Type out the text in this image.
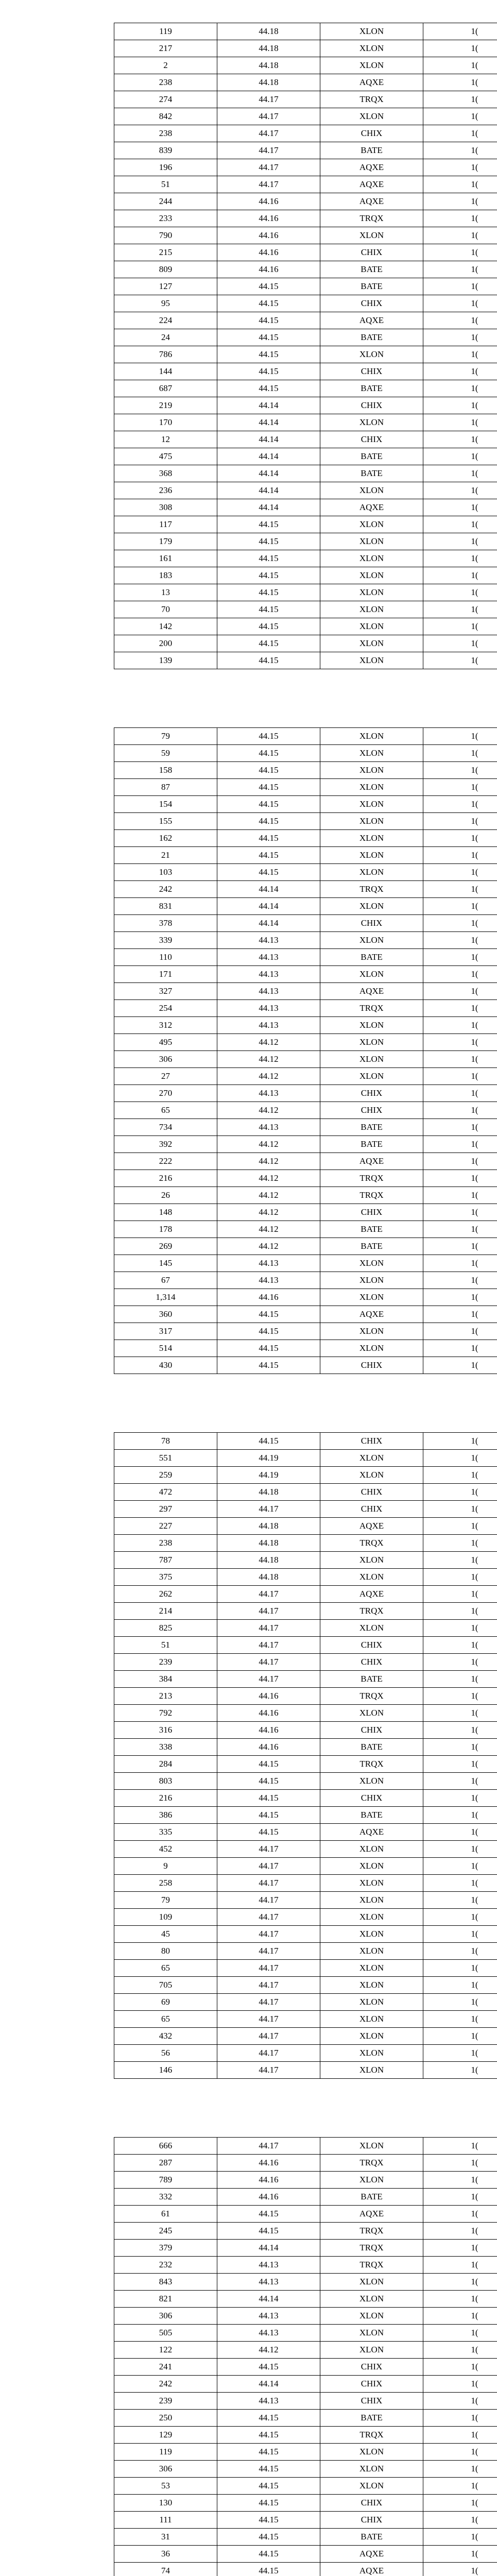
119	44.18	XLON	1(
217	44.18	XLON	1(
2	44.18	XLON	1(
238	44.18	AQXE	1(
274	44.17	TRQX	1(
842	44.17	XLON	1(
238	44.17	CHIX	1(
839	44.17	BATE	1(
196	44.17	AQXE	1(
51	44.17	AQXE	1(
244	44.16	AQXE	1(
233	44.16	TRQX	1(
790	44.16	XLON	1(
215	44.16	CHIX	1(
809	44.16	BATE	1(
127	44.15	BATE	1(
95	44.15	CHIX	1(
224	44.15	AQXE	1(
24	44.15	BATE	1(
786	44.15	XLON	1(
144	44.15	CHIX	1(
687	44.15	BATE	1(
219	44.14	CHIX	1(
170	44.14	XLON	1(
12	44.14	CHIX	1(
475	44.14	BATE	1(
368	44.14	BATE	1(
236	44.14	XLON	1(
308	44.14	AQXE	1(
117	44.15	XLON	1(
179	44.15	XLON	1(
161	44.15	XLON	1(
183	44.15	XLON	1(
13	44.15	XLON	1(
70	44.15	XLON	1(
142	44.15	XLON	1(
200	44.15	XLON	1(
139	44.15	XLON	1(
79	44.15	XLON	1(
59	44.15	XLON	1(
158	44.15	XLON	1(
87	44.15	XLON	1(
154	44.15	XLON	1(
155	44.15	XLON	1(
162	44.15	XLON	1(
21	44.15	XLON	1(
103	44.15	XLON	1(
242	44.14	TRQX	1(
831	44.14	XLON	1(
378	44.14	CHIX	1(
339	44.13	XLON	1(
110	44.13	BATE	1(
171	44.13	XLON	1(
327	44.13	AQXE	1(
254	44.13	TRQX	1(
312	44.13	XLON	1(
495	44.12	XLON	1(
306	44.12	XLON	1(
27	44.12	XLON	1(
270	44.13	CHIX	1(
65	44.12	CHIX	1(
734	44.13	BATE	1(
392	44.12	BATE	1(
222	44.12	AQXE	1(
216	44.12	TRQX	1(
26	44.12	TRQX	1(
148	44.12	CHIX	1(
178	44.12	BATE	1(
269	44.12	BATE	1(
145	44.13	XLON	1(
67	44.13	XLON	1(
1,314	44.16	XLON	1(
360	44.15	AQXE	1(
317	44.15	XLON	1(
514	44.15	XLON	1(
430	44.15	CHIX	1(
78	44.15	CHIX	1(
551	44.19	XLON	1(
259	44.19	XLON	1(
472	44.18	CHIX	1(
297	44.17	CHIX	1(
227	44.18	AQXE	1(
238	44.18	TRQX	1(
787	44.18	XLON	1(
375	44.18	XLON	1(
262	44.17	AQXE	1(
214	44.17	TRQX	1(
825	44.17	XLON	1(
51	44.17	CHIX	1(
239	44.17	CHIX	1(
384	44.17	BATE	1(
213	44.16	TRQX	1(
792	44.16	XLON	1(
316	44.16	CHIX	1(
338	44.16	BATE	1(
284	44.15	TRQX	1(
803	44.15	XLON	1(
216	44.15	CHIX	1(
386	44.15	BATE	1(
335	44.15	AQXE	1(
452	44.17	XLON	1(
9	44.17	XLON	1(
258	44.17	XLON	1(
79	44.17	XLON	1(
109	44.17	XLON	1(
45	44.17	XLON	1(
80	44.17	XLON	1(
65	44.17	XLON	1(
705	44.17	XLON	1(
69	44.17	XLON	1(
65	44.17	XLON	1(
432	44.17	XLON	1(
56	44.17	XLON	1(
146	44.17	XLON	1(
666	44.17	XLON	1(
287	44.16	TRQX	1(
789	44.16	XLON	1(
332	44.16	BATE	1(
61	44.15	AQXE	1(
245	44.15	TRQX	1(
379	44.14	TRQX	1(
232	44.13	TRQX	1(
843	44.13	XLON	1(
821	44.14	XLON	1(
306	44.13	XLON	1(
505	44.13	XLON	1(
122	44.12	XLON	1(
241	44.15	CHIX	1(
242	44.14	CHIX	1(
239	44.13	CHIX	1(
250	44.15	BATE	1(
129	44.15	TRQX	1(
119	44.15	XLON	1(
306	44.15	XLON	1(
53	44.15	XLON	1(
130	44.15	CHIX	1(
111	44.15	CHIX	1(
31	44.15	BATE	1(
36	44.15	AQXE	1(
74	44.15	AQXE	1(
